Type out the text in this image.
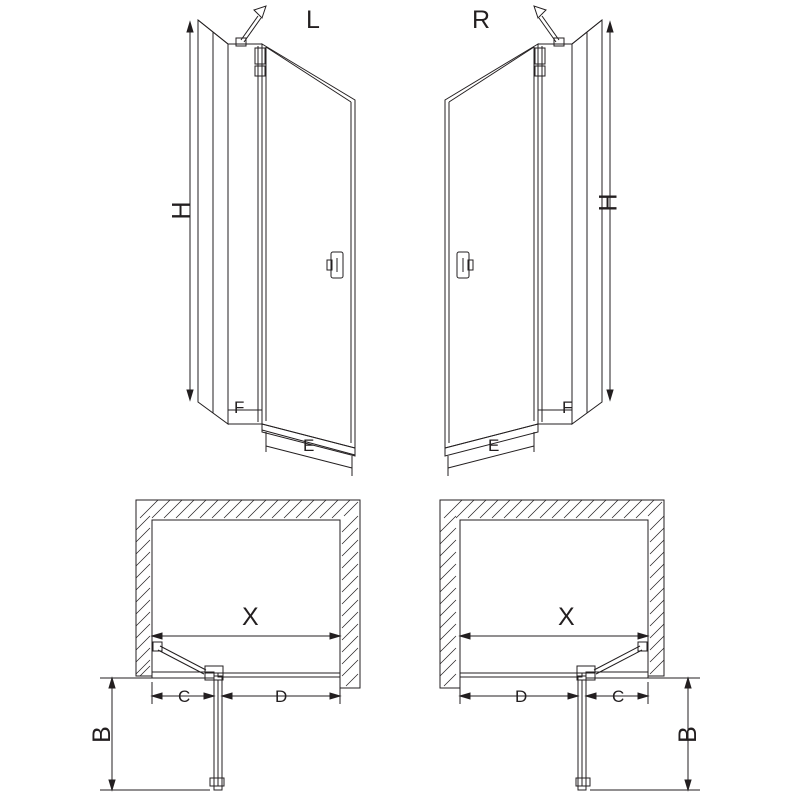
L	R
H	H
F
E
F
E
X	X
C	D
B
D	C
B
